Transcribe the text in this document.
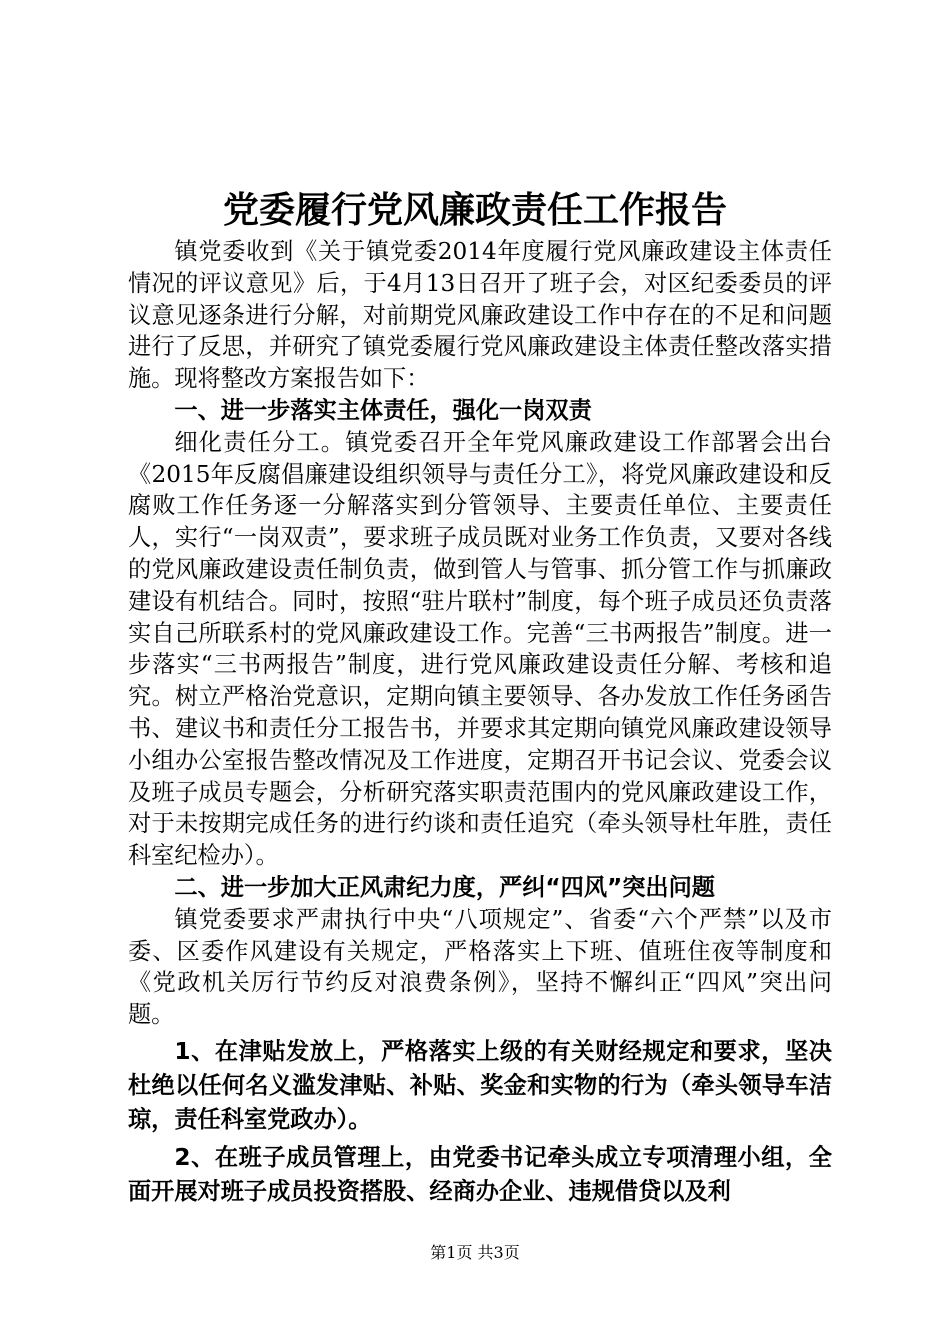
党委履行党风廉政责任工作报告

镇党委收到《关于镇党委2014年度履行党风廉政建设主体责任情况的评议意见》后，于4月13日召开了班子会，对区纪委委员的评议意见逐条进行分解，对前期党风廉政建设工作中存在的不足和问题进行了反思，并研究了镇党委履行党风廉政建设主体责任整改落实措施。现将整改方案报告如下：

一、进一步落实主体责任，强化一岗双责

细化责任分工。镇党委召开全年党风廉政建设工作部署会出台《2015年反腐倡廉建设组织领导与责任分工》，将党风廉政建设和反腐败工作任务逐一分解落实到分管领导、主要责任单位、主要责任人，实行“一岗双责”，要求班子成员既对业务工作负责，又要对各线的党风廉政建设责任制负责，做到管人与管事、抓分管工作与抓廉政建设有机结合。同时，按照“驻片联村”制度，每个班子成员还负责落实自己所联系村的党风廉政建设工作。完善“三书两报告”制度。进一步落实“三书两报告”制度，进行党风廉政建设责任分解、考核和追究。树立严格治党意识，定期向镇主要领导、各办发放工作任务函告书、建议书和责任分工报告书，并要求其定期向镇党风廉政建设领导小组办公室报告整改情况及工作进度，定期召开书记会议、党委会议及班子成员专题会，分析研究落实职责范围内的党风廉政建设工作，对于未按期完成任务的进行约谈和责任追究（牵头领导杜年胜，责任科室纪检办）。

二、进一步加大正风肃纪力度，严纠“四风”突出问题

镇党委要求严肃执行中央“八项规定”、省委“六个严禁”以及市委、区委作风建设有关规定，严格落实上下班、值班住夜等制度和《党政机关厉行节约反对浪费条例》，坚持不懈纠正“四风”突出问题。

1、在津贴发放上，严格落实上级的有关财经规定和要求，坚决杜绝以任何名义滥发津贴、补贴、奖金和实物的行为（牵头领导车洁琼，责任科室党政办）。

2、在班子成员管理上，由党委书记牵头成立专项清理小组，全面开展对班子成员投资搭股、经商办企业、违规借贷以及利

第1页 共3页
